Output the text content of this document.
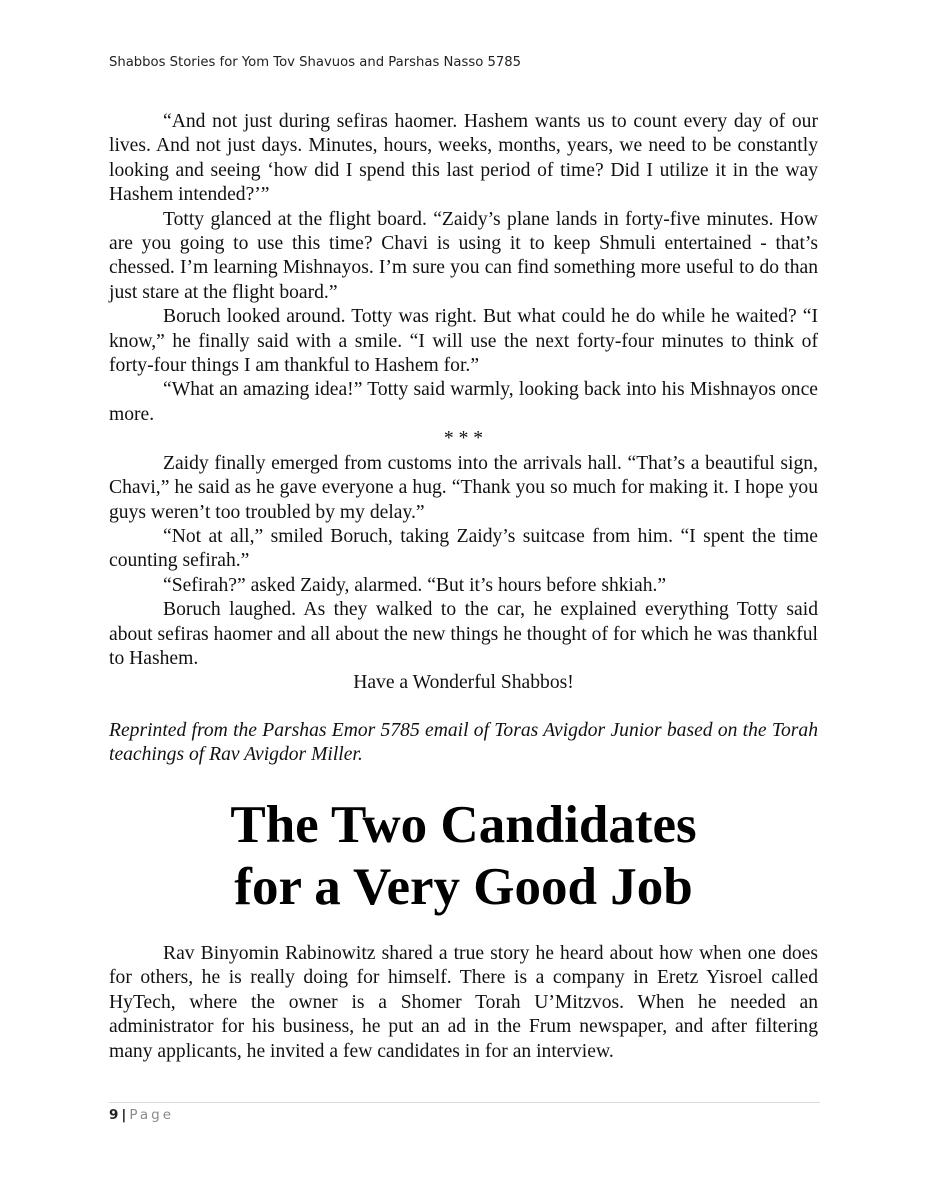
Shabbos Stories for Yom Tov Shavuos and Parshas Nasso 5785

“And not just during sefiras haomer. Hashem wants us to count every day of our lives. And not just days. Minutes, hours, weeks, months, years, we need to be constantly looking and seeing ‘how did I spend this last period of time? Did I utilize it in the way Hashem intended?’”

Totty glanced at the flight board. “Zaidy’s plane lands in forty-five minutes. How are you going to use this time? Chavi is using it to keep Shmuli entertained - that’s chessed. I’m learning Mishnayos. I’m sure you can find something more useful to do than just stare at the flight board.”

Boruch looked around. Totty was right. But what could he do while he waited? “I know,” he finally said with a smile. “I will use the next forty-four minutes to think of forty-four things I am thankful to Hashem for.”

“What an amazing idea!” Totty said warmly, looking back into his Mishnayos once more.

* * *

Zaidy finally emerged from customs into the arrivals hall. “That’s a beautiful sign, Chavi,” he said as he gave everyone a hug. “Thank you so much for making it. I hope you guys weren’t too troubled by my delay.”

“Not at all,” smiled Boruch, taking Zaidy’s suitcase from him. “I spent the time counting sefirah.”

“Sefirah?” asked Zaidy, alarmed. “But it’s hours before shkiah.”

Boruch laughed. As they walked to the car, he explained everything Totty said about sefiras haomer and all about the new things he thought of for which he was thankful to Hashem.

Have a Wonderful Shabbos!

Reprinted from the Parshas Emor 5785 email of Toras Avigdor Junior based on the Torah teachings of Rav Avigdor Miller.
The Two Candidates
for a Very Good Job

Rav Binyomin Rabinowitz shared a true story he heard about how when one does for others, he is really doing for himself. There is a company in Eretz Yisroel called HyTech, where the owner is a Shomer Torah U’Mitzvos. When he needed an administrator for his business, he put an ad in the Frum newspaper, and after filtering many applicants, he invited a few candidates in for an interview.

9 | Page
